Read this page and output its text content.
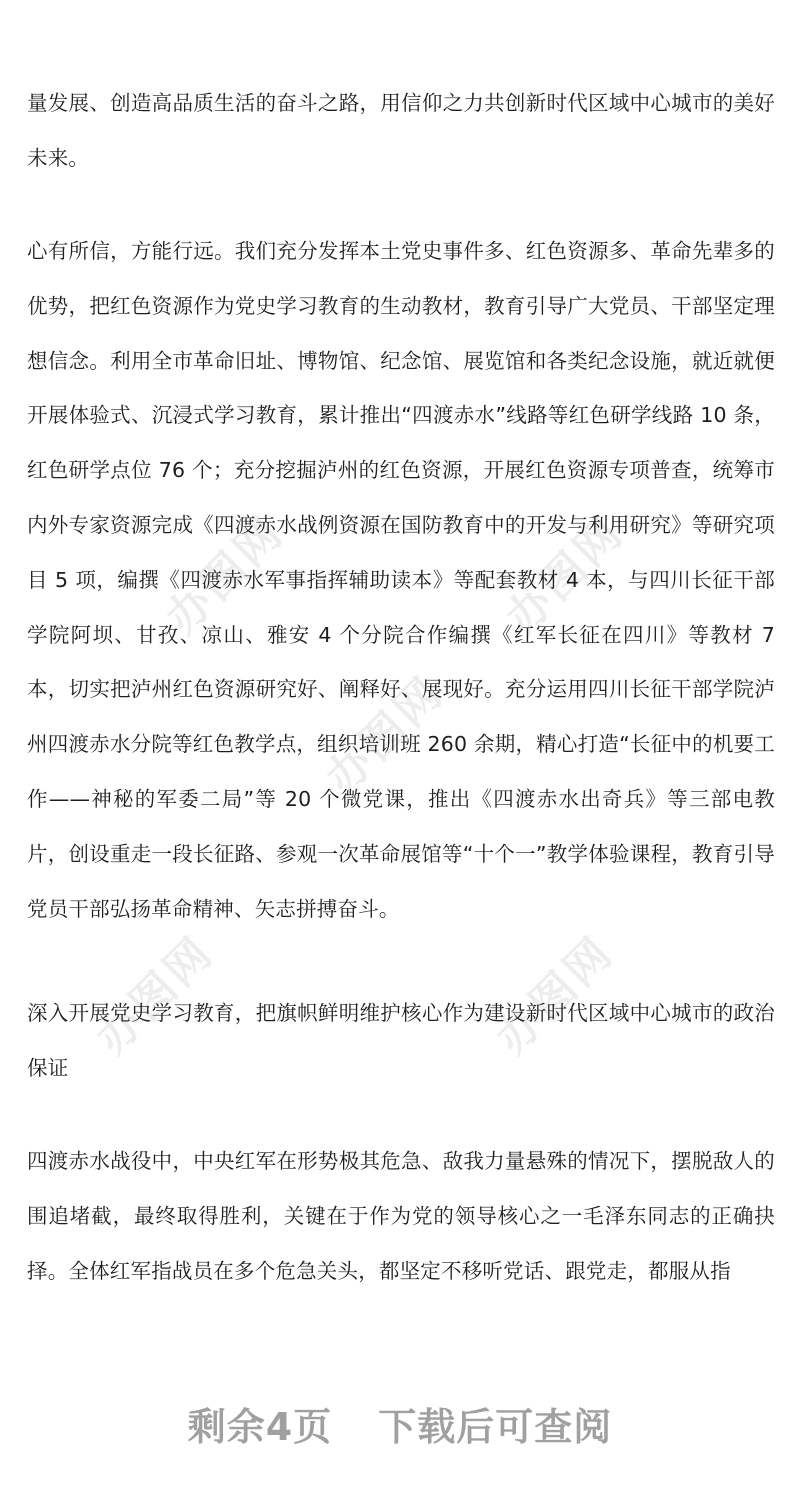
办图网	办图网
办图网
办图网	办图网

量发展、创造高品质生活的奋斗之路，用信仰之力共创新时代区域中心城市的美好未来。

心有所信，方能行远。我们充分发挥本土党史事件多、红色资源多、革命先辈多的优势，把红色资源作为党史学习教育的生动教材，教育引导广大党员、干部坚定理想信念。利用全市革命旧址、博物馆、纪念馆、展览馆和各类纪念设施，就近就便开展体验式、沉浸式学习教育，累计推出“四渡赤水”线路等红色研学线路 10 条，红色研学点位 76 个；充分挖掘泸州的红色资源，开展红色资源专项普查，统筹市内外专家资源完成《四渡赤水战例资源在国防教育中的开发与利用研究》等研究项目 5 项，编撰《四渡赤水军事指挥辅助读本》等配套教材 4 本，与四川长征干部学院阿坝、甘孜、凉山、雅安 4 个分院合作编撰《红军长征在四川》等教材 7 本，切实把泸州红色资源研究好、阐释好、展现好。充分运用四川长征干部学院泸州四渡赤水分院等红色教学点，组织培训班 260 余期，精心打造“长征中的机要工作——神秘的军委二局”等 20 个微党课，推出《四渡赤水出奇兵》等三部电教片，创设重走一段长征路、参观一次革命展馆等“十个一”教学体验课程，教育引导党员干部弘扬革命精神、矢志拼搏奋斗。

深入开展党史学习教育，把旗帜鲜明维护核心作为建设新时代区域中心城市的政治保证

四渡赤水战役中，中央红军在形势极其危急、敌我力量悬殊的情况下，摆脱敌人的围追堵截，最终取得胜利，关键在于作为党的领导核心之一毛泽东同志的正确抉择。全体红军指战员在多个危急关头，都坚定不移听党话、跟党走，都服从指

剩余4页 下载后可查阅
